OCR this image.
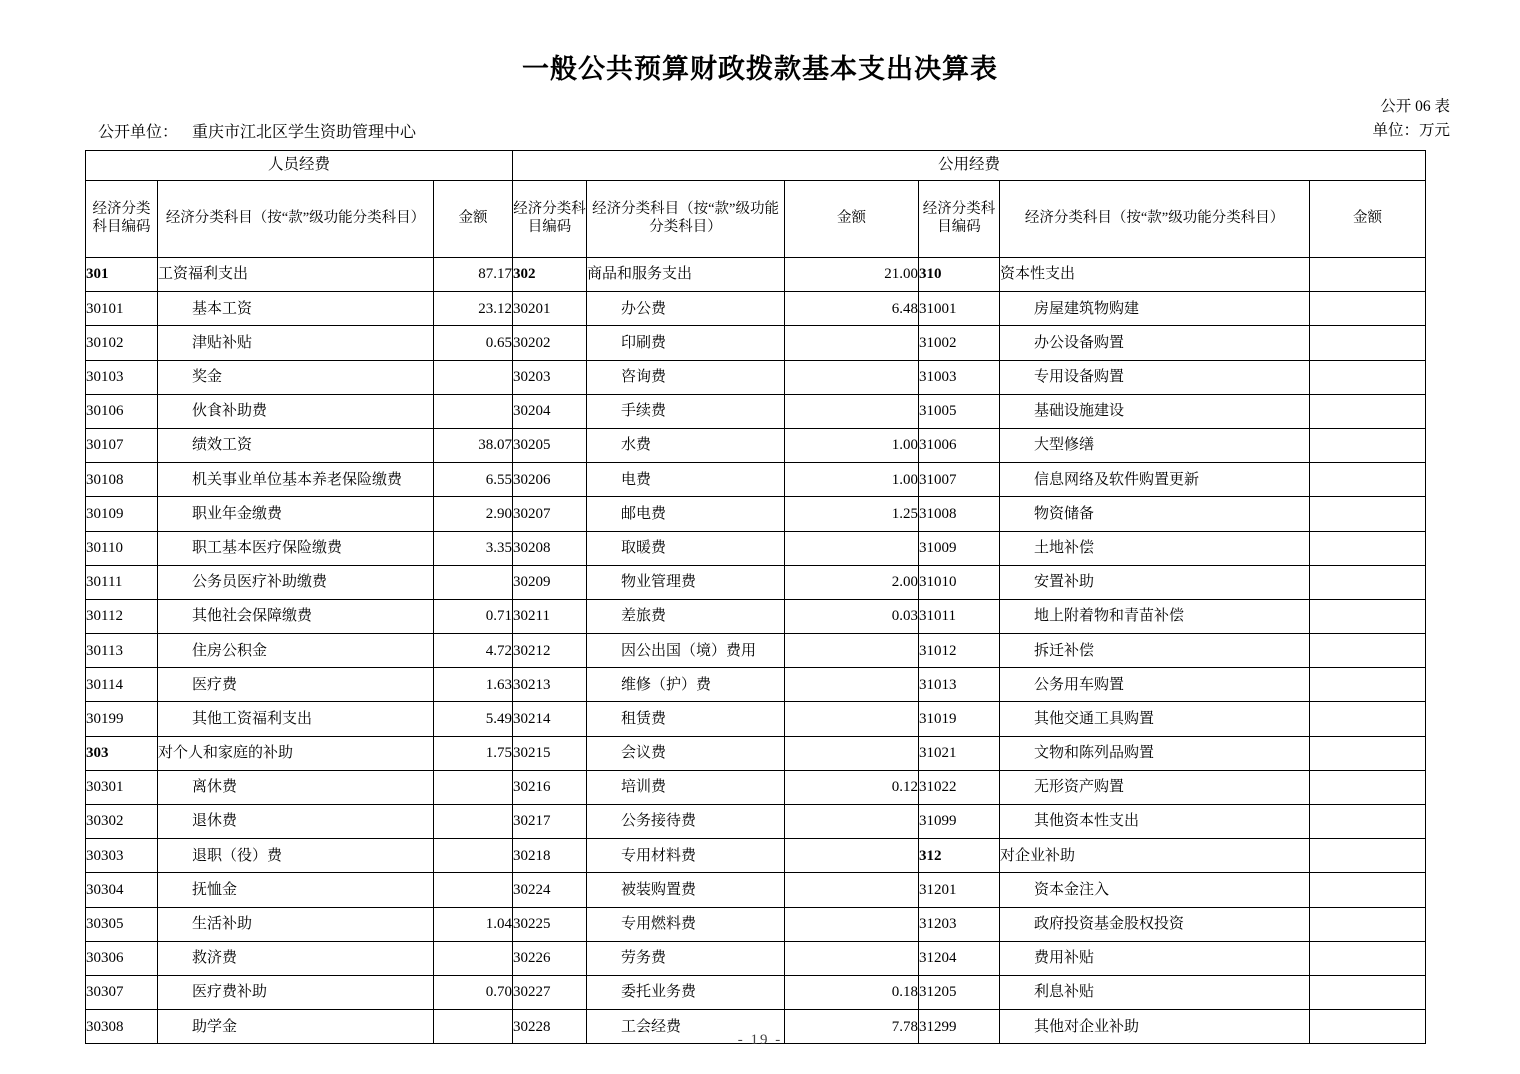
一般公共预算财政拨款基本支出决算表
公开 06 表
单位：万元
公开单位： 重庆市江北区学生资助管理中心
人员经费			公用经费					
经济分类科目编码	经济分类科目（按“款”级功能分类科目）	金额	经济分类科目编码	经济分类科目（按“款”级功能分类科目）	金额	经济分类科目编码	经济分类科目（按“款”级功能分类科目）	金额
301	工资福利支出	87.17	302	商品和服务支出	21.00	310	资本性支出	
30101	基本工资	23.12	30201	办公费	6.48	31001	房屋建筑物购建	
30102	津贴补贴	0.65	30202	印刷费		31002	办公设备购置	
30103	奖金		30203	咨询费		31003	专用设备购置	
30106	伙食补助费		30204	手续费		31005	基础设施建设	
30107	绩效工资	38.07	30205	水费	1.00	31006	大型修缮	
30108	机关事业单位基本养老保险缴费	6.55	30206	电费	1.00	31007	信息网络及软件购置更新	
30109	职业年金缴费	2.90	30207	邮电费	1.25	31008	物资储备	
30110	职工基本医疗保险缴费	3.35	30208	取暖费		31009	土地补偿	
30111	公务员医疗补助缴费		30209	物业管理费	2.00	31010	安置补助	
30112	其他社会保障缴费	0.71	30211	差旅费	0.03	31011	地上附着物和青苗补偿	
30113	住房公积金	4.72	30212	因公出国（境）费用		31012	拆迁补偿	
30114	医疗费	1.63	30213	维修（护）费		31013	公务用车购置	
30199	其他工资福利支出	5.49	30214	租赁费		31019	其他交通工具购置	
303	对个人和家庭的补助	1.75	30215	会议费		31021	文物和陈列品购置	
30301	离休费		30216	培训费	0.12	31022	无形资产购置	
30302	退休费		30217	公务接待费		31099	其他资本性支出	
30303	退职（役）费		30218	专用材料费		312	对企业补助	
30304	抚恤金		30224	被装购置费		31201	资本金注入	
30305	生活补助	1.04	30225	专用燃料费		31203	政府投资基金股权投资	
30306	救济费		30226	劳务费		31204	费用补贴	
30307	医疗费补助	0.70	30227	委托业务费	0.18	31205	利息补贴	
30308	助学金		30228	工会经费	7.78	31299	其他对企业补助	
- 19 -
